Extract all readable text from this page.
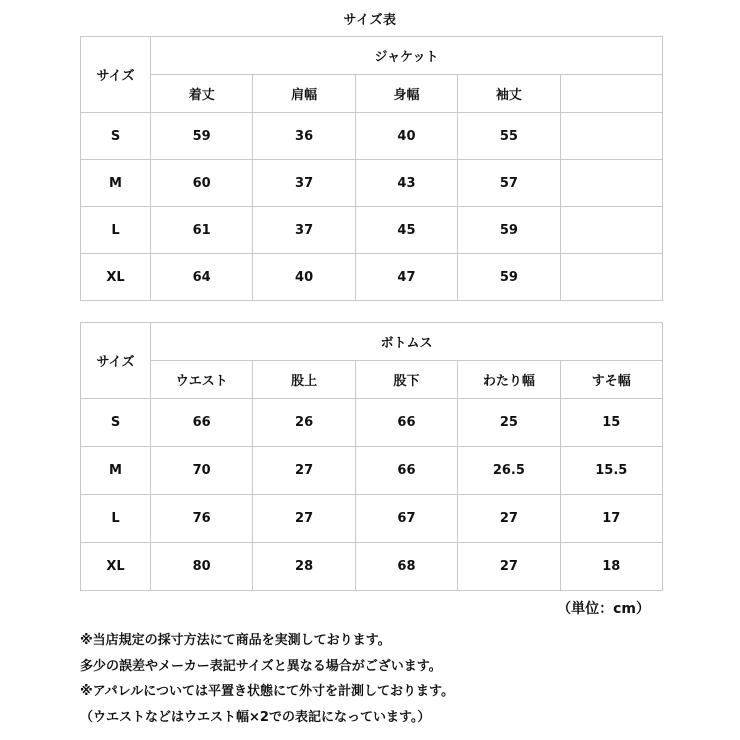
サイズ表
サイズ	ジャケット				
	着丈	肩幅	身幅	袖丈	
S	59	36	40	55	
M	60	37	43	57	
L	61	37	45	59	
XL	64	40	47	59	
サイズ	ボトムス				
	ウエスト	股上	股下	わたり幅	すそ幅
S	66	26	66	25	15
M	70	27	66	26.5	15.5
L	76	27	67	27	17
XL	80	28	68	27	18
（単位：cm）
※当店規定の採寸方法にて商品を実測しております。
多少の誤差やメーカー表記サイズと異なる場合がございます。
※アパレルについては平置き状態にて外寸を計測しております。
（ウエストなどはウエスト幅×2での表記になっています。）
